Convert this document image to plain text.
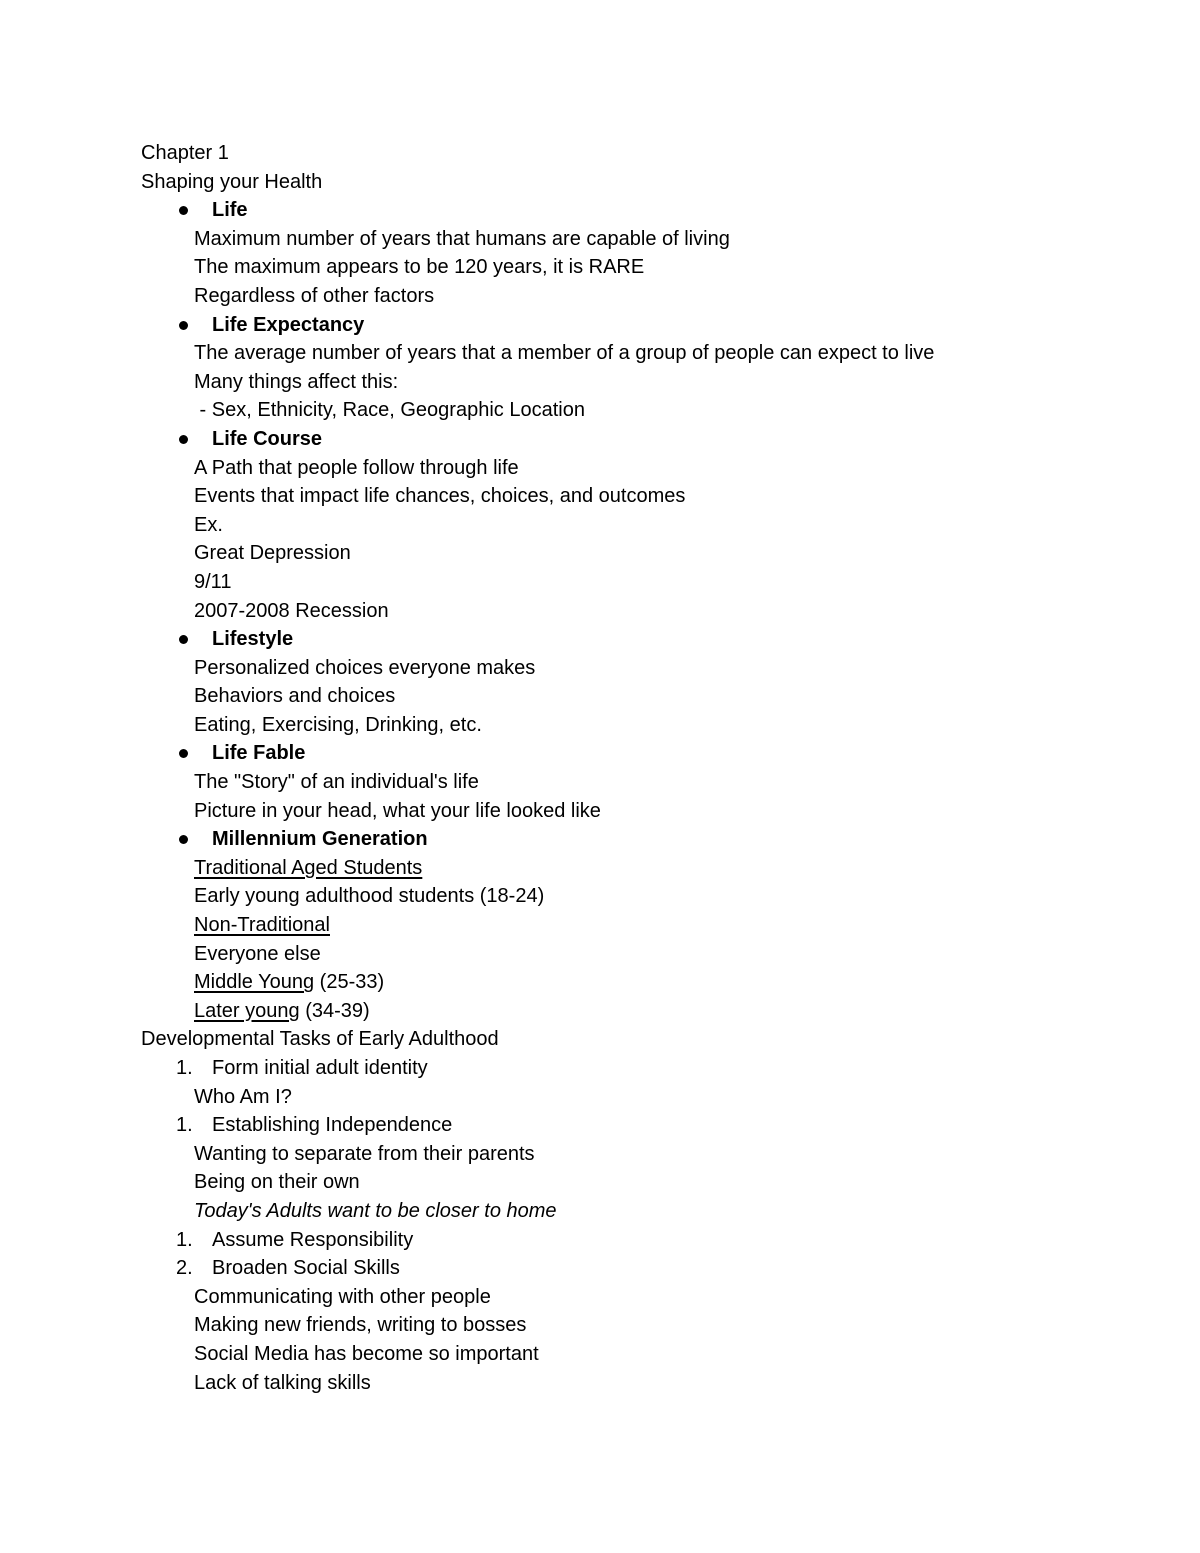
Chapter 1
Shaping your Health
Life
Maximum number of years that humans are capable of living
The maximum appears to be 120 years, it is RARE
Regardless of other factors
Life Expectancy
The average number of years that a member of a group of people can expect to live
Many things affect this:
- Sex, Ethnicity, Race, Geographic Location
Life Course
A Path that people follow through life
Events that impact life chances, choices, and outcomes
Ex.
Great Depression
9/11
2007-2008 Recession
Lifestyle
Personalized choices everyone makes
Behaviors and choices
Eating, Exercising, Drinking, etc.
Life Fable
The "Story" of an individual's life
Picture in your head, what your life looked like
Millennium Generation
Traditional Aged Students
Early young adulthood students (18-24)
Non-Traditional
Everyone else
Middle Young (25-33)
Later young (34-39)
Developmental Tasks of Early Adulthood
1. Form initial adult identity
Who Am I?
1. Establishing Independence
Wanting to separate from their parents
Being on their own
Today's Adults want to be closer to home
1. Assume Responsibility
2. Broaden Social Skills
Communicating with other people
Making new friends, writing to bosses
Social Media has become so important
Lack of talking skills
